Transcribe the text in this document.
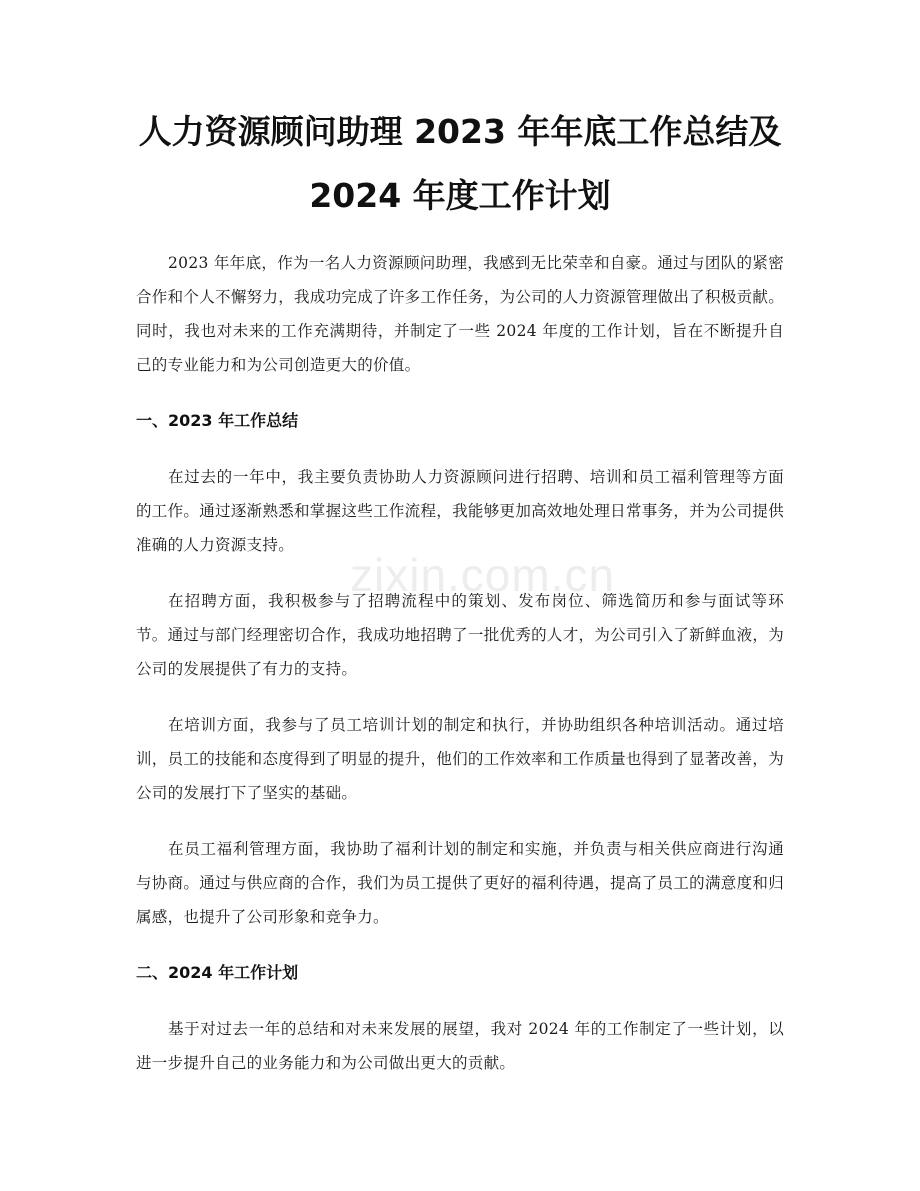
zixin.com.cn
人力资源顾问助理 2023 年年底工作总结及
2024 年度工作计划

2023 年年底，作为一名人力资源顾问助理，我感到无比荣幸和自豪。通过与团队的紧密合作和个人不懈努力，我成功完成了许多工作任务，为公司的人力资源管理做出了积极贡献。同时，我也对未来的工作充满期待，并制定了一些 2024 年度的工作计划，旨在不断提升自己的专业能力和为公司创造更大的价值。

一、2023 年工作总结

在过去的一年中，我主要负责协助人力资源顾问进行招聘、培训和员工福利管理等方面的工作。通过逐渐熟悉和掌握这些工作流程，我能够更加高效地处理日常事务，并为公司提供准确的人力资源支持。

在招聘方面，我积极参与了招聘流程中的策划、发布岗位、筛选简历和参与面试等环节。通过与部门经理密切合作，我成功地招聘了一批优秀的人才，为公司引入了新鲜血液，为公司的发展提供了有力的支持。

在培训方面，我参与了员工培训计划的制定和执行，并协助组织各种培训活动。通过培训，员工的技能和态度得到了明显的提升，他们的工作效率和工作质量也得到了显著改善，为公司的发展打下了坚实的基础。

在员工福利管理方面，我协助了福利计划的制定和实施，并负责与相关供应商进行沟通与协商。通过与供应商的合作，我们为员工提供了更好的福利待遇，提高了员工的满意度和归属感，也提升了公司形象和竞争力。

二、2024 年工作计划

基于对过去一年的总结和对未来发展的展望，我对 2024 年的工作制定了一些计划，以进一步提升自己的业务能力和为公司做出更大的贡献。
